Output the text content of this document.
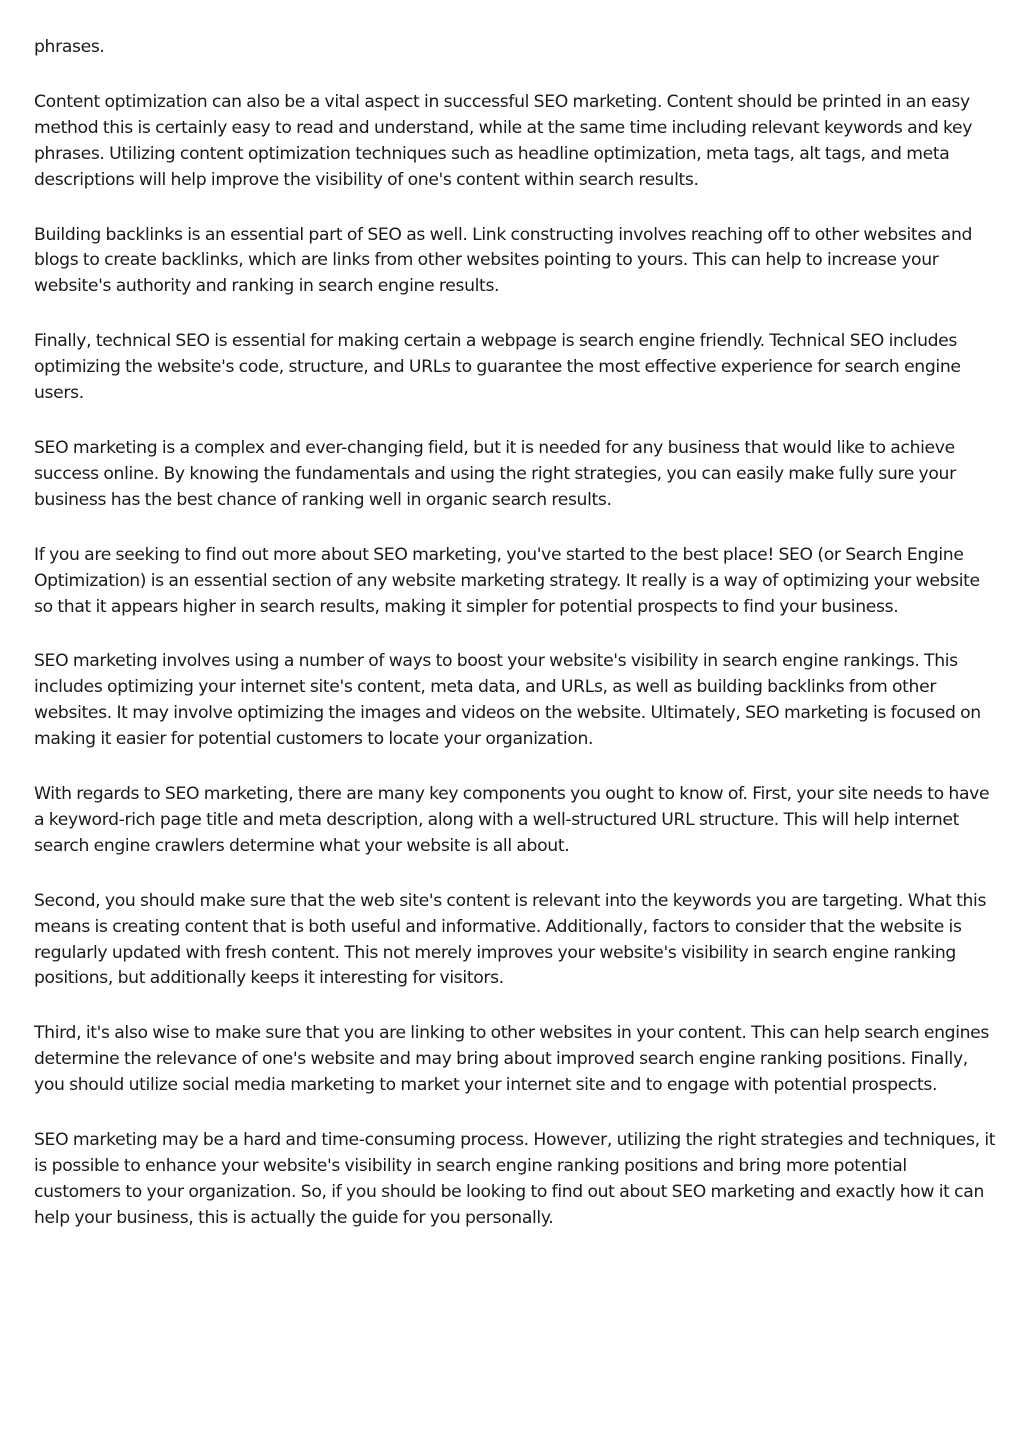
phrases.

Content optimization can also be a vital aspect in successful SEO marketing. Content should be printed in an easy method this is certainly easy to read and understand, while at the same time including relevant keywords and key phrases. Utilizing content optimization techniques such as headline optimization, meta tags, alt tags, and meta descriptions will help improve the visibility of one's content within search results.

Building backlinks is an essential part of SEO as well. Link constructing involves reaching off to other websites and blogs to create backlinks, which are links from other websites pointing to yours. This can help to increase your website's authority and ranking in search engine results.

Finally, technical SEO is essential for making certain a webpage is search engine friendly. Technical SEO includes optimizing the website's code, structure, and URLs to guarantee the most effective experience for search engine users.

SEO marketing is a complex and ever-changing field, but it is needed for any business that would like to achieve success online. By knowing the fundamentals and using the right strategies, you can easily make fully sure your business has the best chance of ranking well in organic search results.

If you are seeking to find out more about SEO marketing, you've started to the best place! SEO (or Search Engine Optimization) is an essential section of any website marketing strategy. It really is a way of optimizing your website so that it appears higher in search results, making it simpler for potential prospects to find your business.

SEO marketing involves using a number of ways to boost your website's visibility in search engine rankings. This includes optimizing your internet site's content, meta data, and URLs, as well as building backlinks from other websites. It may involve optimizing the images and videos on the website. Ultimately, SEO marketing is focused on making it easier for potential customers to locate your organization.

With regards to SEO marketing, there are many key components you ought to know of. First, your site needs to have a keyword-rich page title and meta description, along with a well-structured URL structure. This will help internet search engine crawlers determine what your website is all about.

Second, you should make sure that the web site's content is relevant into the keywords you are targeting. What this means is creating content that is both useful and informative. Additionally, factors to consider that the website is regularly updated with fresh content. This not merely improves your website's visibility in search engine ranking positions, but additionally keeps it interesting for visitors.

Third, it's also wise to make sure that you are linking to other websites in your content. This can help search engines determine the relevance of one's website and may bring about improved search engine ranking positions. Finally, you should utilize social media marketing to market your internet site and to engage with potential prospects.

SEO marketing may be a hard and time-consuming process. However, utilizing the right strategies and techniques, it is possible to enhance your website's visibility in search engine ranking positions and bring more potential customers to your organization. So, if you should be looking to find out about SEO marketing and exactly how it can help your business, this is actually the guide for you personally.
